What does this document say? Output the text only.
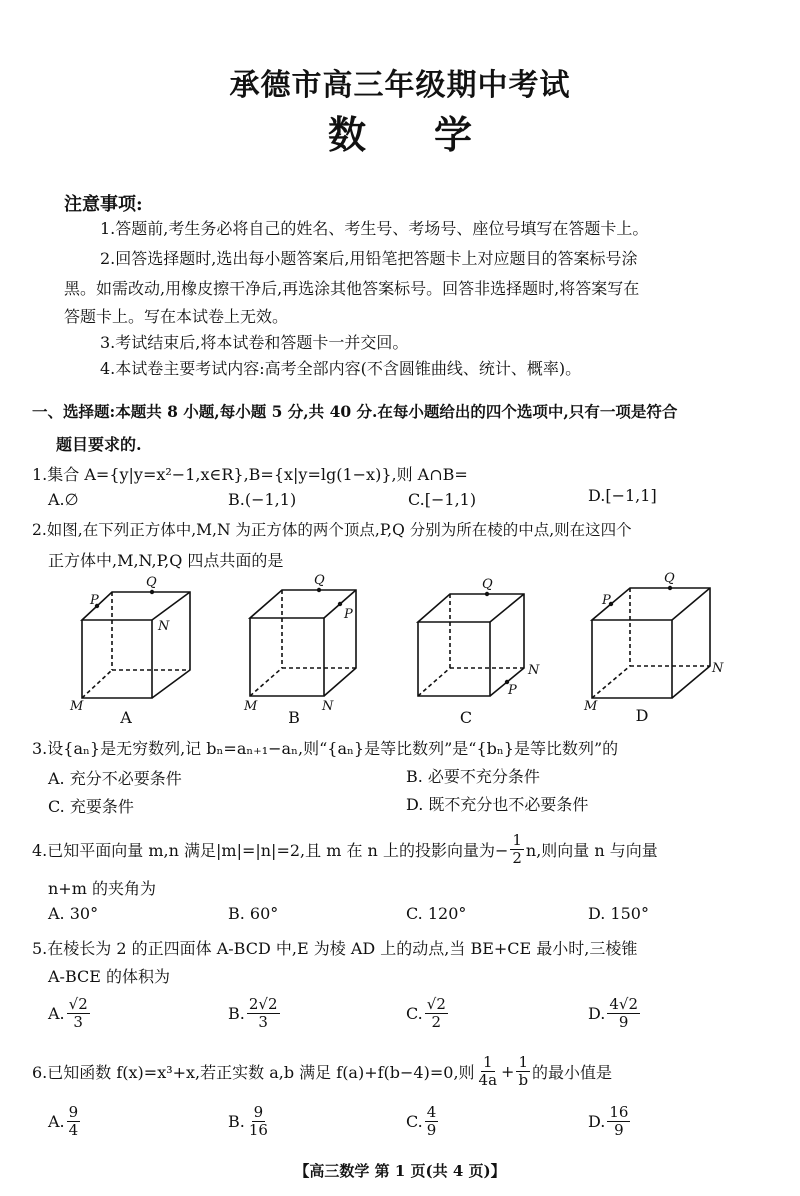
承德市高三年级期中考试
数学
注意事项:
1.答题前,考生务必将自己的姓名、考生号、考场号、座位号填写在答题卡上。
2.回答选择题时,选出每小题答案后,用铅笔把答题卡上对应题目的答案标号涂
黑。如需改动,用橡皮擦干净后,再选涂其他答案标号。回答非选择题时,将答案写在
答题卡上。写在本试卷上无效。
3.考试结束后,将本试卷和答题卡一并交回。
4.本试卷主要考试内容:高考全部内容(不含圆锥曲线、统计、概率)。
一、选择题:本题共 8 小题,每小题 5 分,共 40 分.在每小题给出的四个选项中,只有一项是符合
题目要求的.
1.集合 A={y|y=x²−1,x∈R},B={x|y=lg(1−x)},则 A∩B=
A.∅	B.(−1,1)	C.[−1,1)	D.[−1,1]
2.如图,在下列正方体中,M,N 为正方体的两个顶点,P,Q 分别为所在棱的中点,则在这四个
正方体中,M,N,P,Q 四点共面的是
Q
P
N
M
Q
P
N
M
Q
N
P
Q
P
N
M
A	B	C	D
3.设{aₙ}是无穷数列,记 bₙ=aₙ₊₁−aₙ,则“{aₙ}是等比数列”是“{bₙ}是等比数列”的
A. 充分不必要条件	B. 必要不充分条件
C. 充要条件	D. 既不充分也不必要条件
4.已知平面向量 m,n 满足|m|=|n|=2,且 m 在 n 上的投影向量为− $\frac{1}{2} n$,则向量 n 与向量
n+m 的夹角为
A. 30°	B. 60°	C. 120°	D. 150°
5.在棱长为 2 的正四面体 A-BCD 中,E 为棱 AD 上的动点,当 BE+CE 最小时,三棱锥
A-BCE 的体积为
A. $\frac{√2}{3}$	B. $\frac{2√2}{3}$	C. $\frac{√2}{2}$	D. $\frac{4√2}{9}$
6.已知函数 f(x)=x³+x,若正实数 a,b 满足 f(a)+f(b−4)=0,则 $\frac{1}{4a} + \frac{1}{b}$ 的最小值是
A. $\frac{9}{4}$	B. $\frac{9}{16}$	C. $\frac{4}{9}$	D. $\frac{16}{9}$
【高三数学 第 1 页(共 4 页)】
